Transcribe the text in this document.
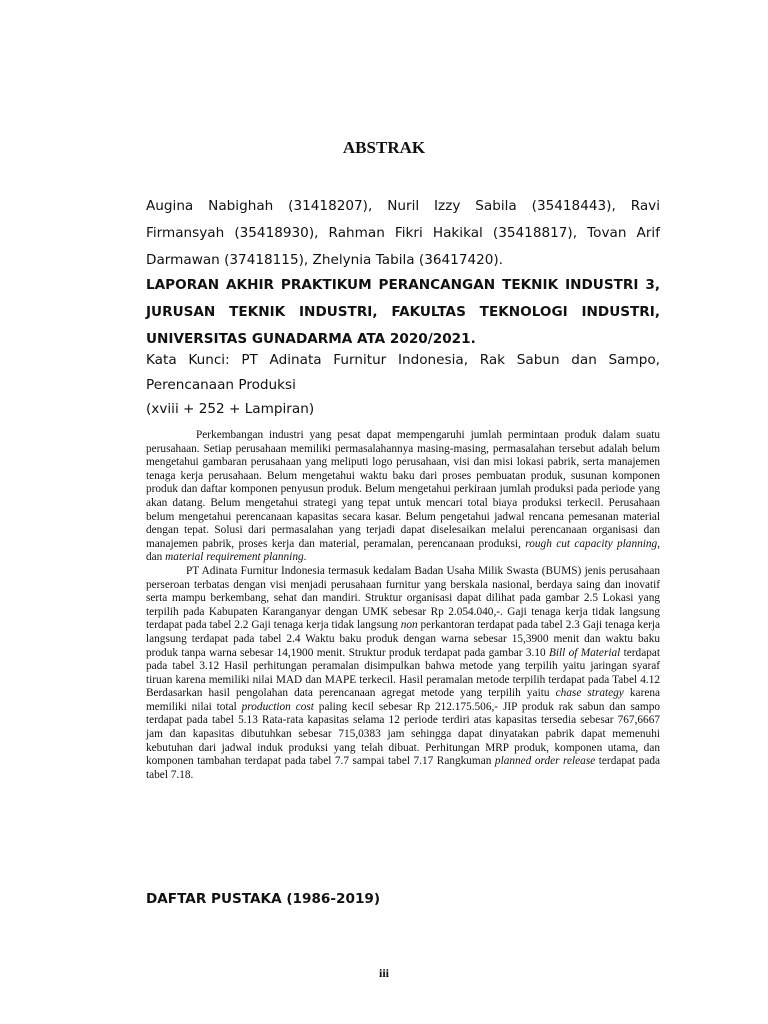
ABSTRAK
Augina Nabighah (31418207), Nuril Izzy Sabila (35418443), Ravi Firmansyah (35418930), Rahman Fikri Hakikal (35418817), Tovan Arif Darmawan (37418115), Zhelynia Tabila (36417420).
LAPORAN AKHIR PRAKTIKUM PERANCANGAN TEKNIK INDUSTRI 3, JURUSAN TEKNIK INDUSTRI, FAKULTAS TEKNOLOGI INDUSTRI, UNIVERSITAS GUNADARMA ATA 2020/2021.
Kata Kunci: PT Adinata Furnitur Indonesia, Rak Sabun dan Sampo, Perencanaan Produksi
(xviii + 252 + Lampiran)

Perkembangan industri yang pesat dapat mempengaruhi jumlah permintaan produk dalam suatu perusahaan. Setiap perusahaan memiliki permasalahannya masing-masing, permasalahan tersebut adalah belum mengetahui gambaran perusahaan yang meliputi logo perusahaan, visi dan misi lokasi pabrik, serta manajemen tenaga kerja perusahaan. Belum mengetahui waktu baku dari proses pembuatan produk, susunan komponen produk dan daftar komponen penyusun produk. Belum mengetahui perkiraan jumlah produksi pada periode yang akan datang. Belum mengetahui strategi yang tepat untuk mencari total biaya produksi terkecil. Perusahaan belum mengetahui perencanaan kapasitas secara kasar. Belum pengetahui jadwal rencana pemesanan material dengan tepat. Solusi dari permasalahan yang terjadi dapat diselesaikan melalui perencanaan organisasi dan manajemen pabrik, proses kerja dan material, peramalan, perencanaan produksi, rough cut capacity planning, dan material requirement planning.

PT Adinata Furnitur Indonesia termasuk kedalam Badan Usaha Milik Swasta (BUMS) jenis perusahaan perseroan terbatas dengan visi menjadi perusahaan furnitur yang berskala nasional, berdaya saing dan inovatif serta mampu berkembang, sehat dan mandiri. Struktur organisasi dapat dilihat pada gambar 2.5 Lokasi yang terpilih pada Kabupaten Karanganyar dengan UMK sebesar Rp 2.054.040,-. Gaji tenaga kerja tidak langsung terdapat pada tabel 2.2 Gaji tenaga kerja tidak langsung non perkantoran terdapat pada tabel 2.3 Gaji tenaga kerja langsung terdapat pada tabel 2.4 Waktu baku produk dengan warna sebesar 15,3900 menit dan waktu baku produk tanpa warna sebesar 14,1900 menit. Struktur produk terdapat pada gambar 3.10 Bill of Material terdapat pada tabel 3.12 Hasil perhitungan peramalan disimpulkan bahwa metode yang terpilih yaitu jaringan syaraf tiruan karena memiliki nilai MAD dan MAPE terkecil. Hasil peramalan metode terpilih terdapat pada Tabel 4.12 Berdasarkan hasil pengolahan data perencanaan agregat metode yang terpilih yaitu chase strategy karena memiliki nilai total production cost paling kecil sebesar Rp 212.175.506,- JIP produk rak sabun dan sampo terdapat pada tabel 5.13 Rata-rata kapasitas selama 12 periode terdiri atas kapasitas tersedia sebesar 767,6667 jam dan kapasitas dibutuhkan sebesar 715,0383 jam sehingga dapat dinyatakan pabrik dapat memenuhi kebutuhan dari jadwal induk produksi yang telah dibuat. Perhitungan MRP produk, komponen utama, dan komponen tambahan terdapat pada tabel 7.7 sampai tabel 7.17 Rangkuman planned order release terdapat pada tabel 7.18.

DAFTAR PUSTAKA (1986-2019)
iii
